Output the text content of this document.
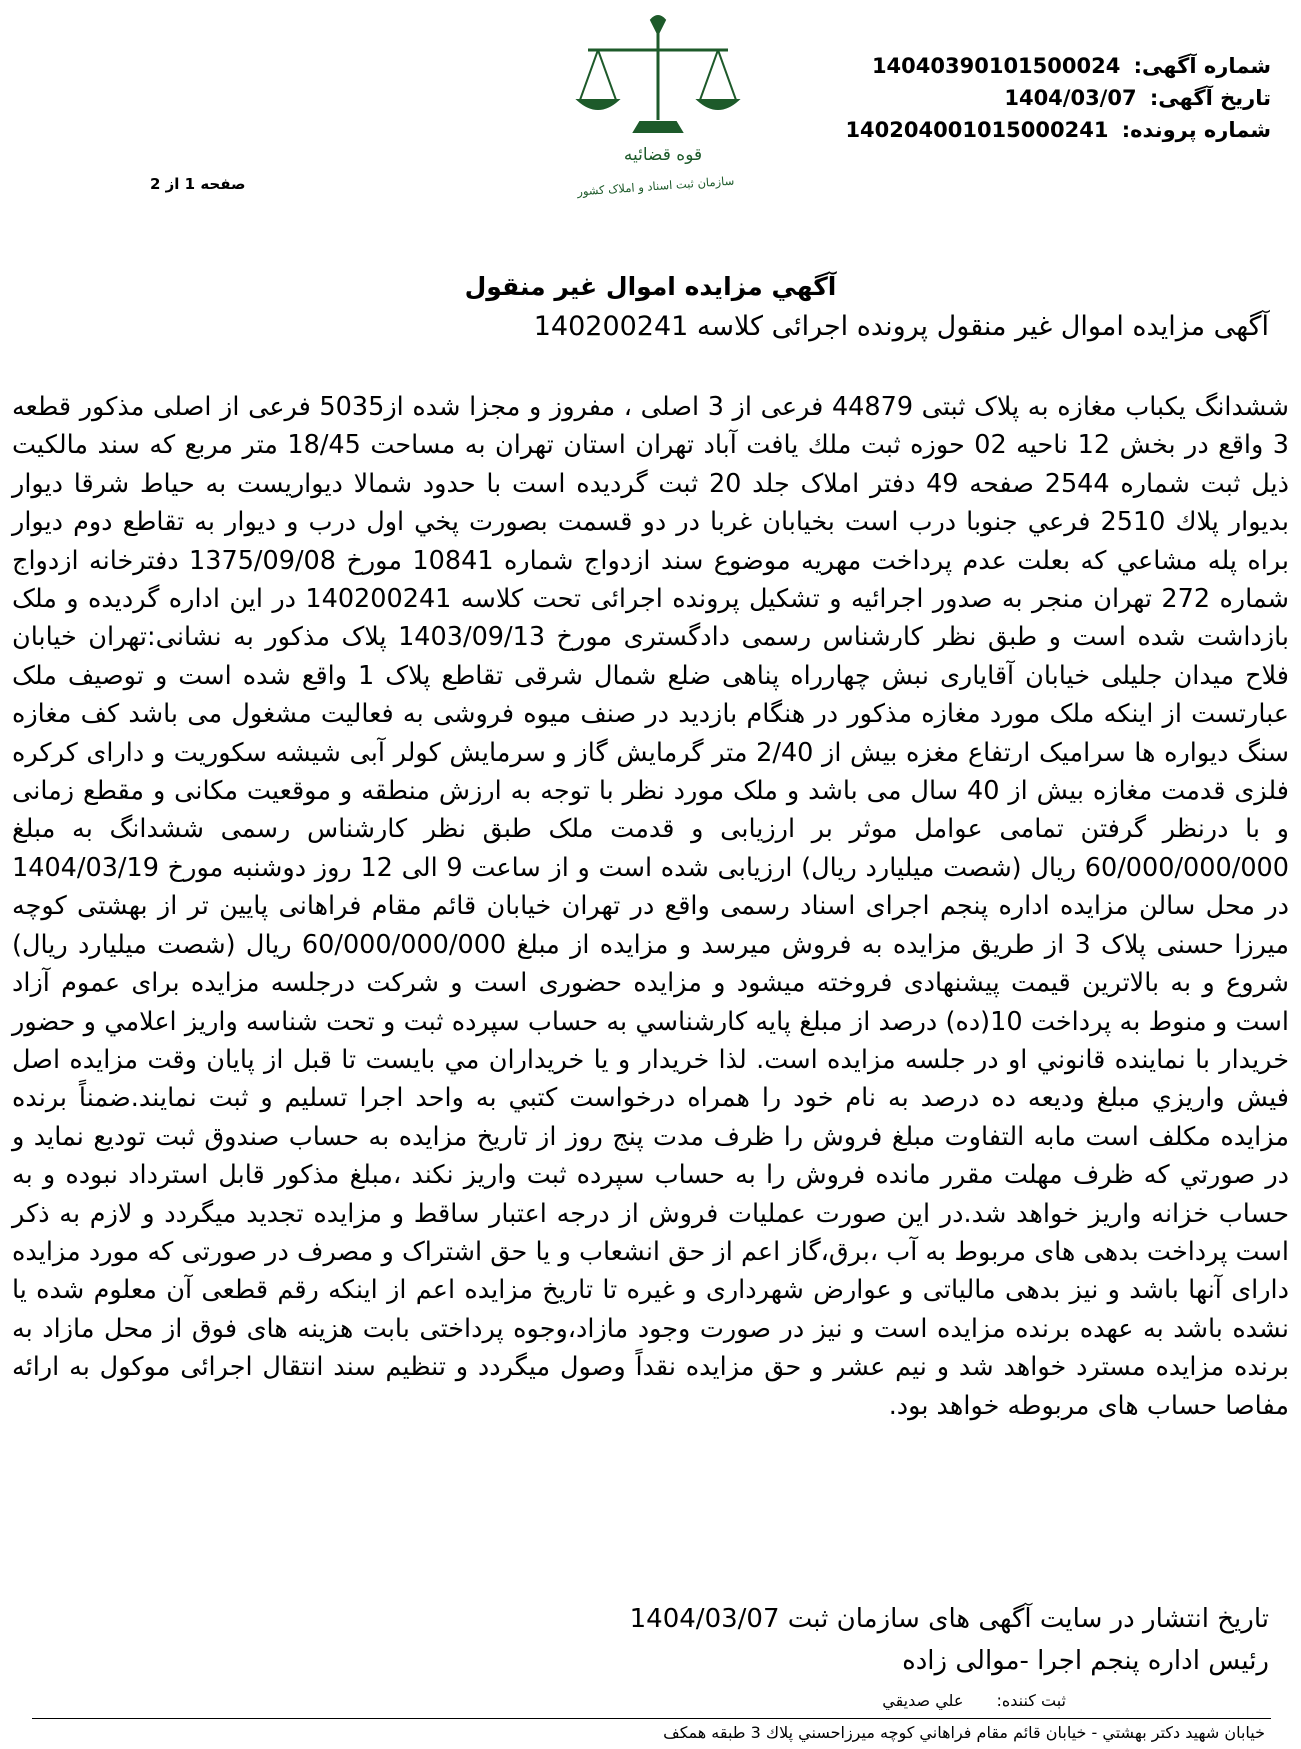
شماره آگهی: 14040390101500024
تاریخ آگهی: 1404/03/07
شماره پرونده: 140204001015000241
قوه قضائیه
سازمان ثبت اسناد و املاک کشور
صفحه 1 از 2
آگهي مزايده اموال غير منقول
آگهی مزایده اموال غیر منقول پرونده اجرائی کلاسه 140200241
ششدانگ یکباب مغازه به پلاک ثبتی 44879 فرعی از 3 اصلی ، مفروز و مجزا شده از5035 فرعی از اصلی مذکور قطعه 3 واقع در بخش 12 ناحیه 02 حوزه ثبت ملك يافت آباد تهران استان تهران به مساحت 18/45 متر مربع که سند مالکیت ذیل ثبت شماره 2544 صفحه 49 دفتر املاک جلد 20 ثبت گردیده است با حدود شمالا ديواريست به حياط شرقا ديوار بديوار پلاك 2510 فرعي جنوبا درب است بخيابان غربا در دو قسمت بصورت پخي اول درب و ديوار به تقاطع دوم ديوار براه پله مشاعي که بعلت عدم پرداخت مهریه موضوع سند ازدواج شماره 10841 مورخ 1375/09/08 دفترخانه ازدواج شماره 272 تهران منجر به صدور اجرائیه و تشکیل پرونده اجرائی تحت کلاسه 140200241 در این اداره گردیده و ملک بازداشت شده است و طبق نظر کارشناس رسمی دادگستری مورخ 1403/09/13 پلاک مذکور به نشانی:تهران خیابان فلاح میدان جلیلی خیابان آقایاری نبش چهارراه پناهی ضلع شمال شرقی تقاطع پلاک 1 واقع شده است و توصیف ملک عبارتست از اینکه ملک مورد مغازه مذکور در هنگام بازدید در صنف میوه فروشی به فعالیت مشغول می باشد کف مغازه سنگ دیواره ها سرامیک ارتفاع مغزه بیش از 2/40 متر گرمایش گاز و سرمایش کولر آبی شیشه سکوریت و دارای کرکره فلزی قدمت مغازه بیش از 40 سال می باشد و ملک مورد نظر با توجه به ارزش منطقه و موقعیت مکانی و مقطع زمانی و با درنظر گرفتن تمامی عوامل موثر بر ارزیابی و قدمت ملک طبق نظر کارشناس رسمی ششدانگ به مبلغ 60/000/000/000 ریال (شصت میلیارد ریال) ارزیابی شده است و از ساعت 9 الی 12 روز دوشنبه مورخ 1404/03/19 در محل سالن مزایده اداره پنجم اجرای اسناد رسمی واقع در تهران خیابان قائم مقام فراهانی پایین تر از بهشتی کوچه میرزا حسنی پلاک 3 از طریق مزایده به فروش میرسد و مزایده از مبلغ 60/000/000/000 ریال (شصت میلیارد ریال) شروع و به بالاترین قیمت پیشنهادی فروخته میشود و مزایده حضوری است و شرکت درجلسه مزایده برای عموم آزاد است و منوط به پرداخت 10(ده) درصد از مبلغ پایه کارشناسي به حساب سپرده ثبت و تحت شناسه واریز اعلامي و حضور خريدار با نماينده قانوني او در جلسه مزايده است. لذا خريدار و يا خريداران مي بايست تا قبل از پايان وقت مزايده اصل فيش واريزي مبلغ وديعه ده درصد به نام خود را همراه درخواست کتبي به واحد اجرا تسليم و ثبت نمايند.ضمناً برنده مزايده مكلف است مابه التفاوت مبلغ فروش را ظرف مدت پنج روز از تاريخ مزايده به حساب صندوق ثبت توديع نمايد و در صورتي كه ظرف مهلت مقرر مانده فروش را به حساب سپرده ثبت واریز نکند ،مبلغ مذکور قابل استرداد نبوده و به حساب خزانه واریز خواهد شد.در این صورت عملیات فروش از درجه اعتبار ساقط و مزایده تجدید میگردد و لازم به ذکر است پرداخت بدهی های مربوط به آب ،برق،گاز اعم از حق انشعاب و یا حق اشتراک و مصرف در صورتی که مورد مزایده دارای آنها باشد و نیز بدهی مالیاتی و عوارض شهرداری و غیره تا تاریخ مزایده اعم از اینکه رقم قطعی آن معلوم شده یا نشده باشد به عهده برنده مزایده است و نیز در صورت وجود مازاد،وجوه پرداختی بابت هزینه های فوق از محل مازاد به برنده مزایده مسترد خواهد شد و نیم عشر و حق مزایده نقداً وصول میگردد و تنظیم سند انتقال اجرائی موکول به ارائه مفاصا حساب های مربوطه خواهد بود.
تاریخ انتشار در سایت آگهی های سازمان ثبت 1404/03/07
رئیس اداره پنجم اجرا -موالی زاده
ثبت کننده: علي صديقي
خيابان شهيد دكتر بهشتي - خيابان قائم مقام فراهاني كوچه ميرزاحسني پلاك 3 طبقه همكف
